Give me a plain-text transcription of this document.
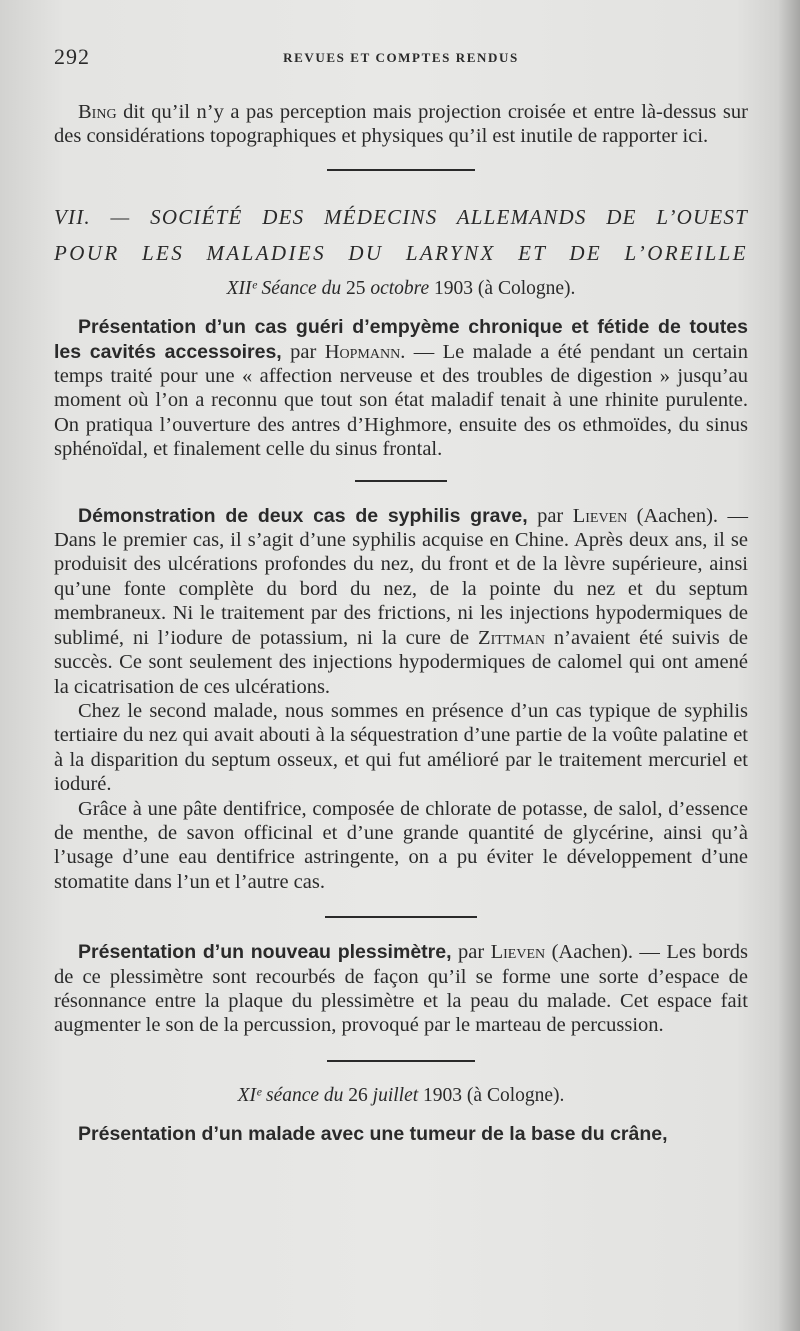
292	REVUES ET COMPTES RENDUS

Bing dit qu’il n’y a pas perception mais projection croisée et entre là-dessus sur des considérations topographiques et physiques qu’il est inutile de rapporter ici.

VII. — SOCIÉTÉ DES MÉDECINS ALLEMANDS DE L’OUEST
POUR LES MALADIES DU LARYNX ET DE L’OREILLE

XIIᵉ Séance du 25 octobre 1903 (à Cologne).

Présentation d’un cas guéri d’empyème chronique et fétide de toutes les cavités accessoires, par Hopmann. — Le malade a été pendant un certain temps traité pour une « affection nerveuse et des troubles de digestion » jusqu’au moment où l’on a reconnu que tout son état maladif tenait à une rhinite purulente. On pratiqua l’ouverture des antres d’Highmore, ensuite des os ethmoïdes, du sinus sphénoïdal, et finalement celle du sinus frontal.

Démonstration de deux cas de syphilis grave, par Lieven (Aachen). — Dans le premier cas, il s’agit d’une syphilis acquise en Chine. Après deux ans, il se produisit des ulcérations profondes du nez, du front et de la lèvre supérieure, ainsi qu’une fonte complète du bord du nez, de la pointe du nez et du septum membraneux. Ni le traitement par des frictions, ni les injections hypodermiques de sublimé, ni l’iodure de potassium, ni la cure de Zittman n’avaient été suivis de succès. Ce sont seulement des injections hypodermiques de calomel qui ont amené la cicatrisation de ces ulcérations.

Chez le second malade, nous sommes en présence d’un cas typique de syphilis tertiaire du nez qui avait abouti à la séquestration d’une partie de la voûte palatine et à la disparition du septum osseux, et qui fut amélioré par le traitement mercuriel et ioduré.

Grâce à une pâte dentifrice, composée de chlorate de potasse, de salol, d’essence de menthe, de savon officinal et d’une grande quantité de glycérine, ainsi qu’à l’usage d’une eau dentifrice astringente, on a pu éviter le développement d’une stomatite dans l’un et l’autre cas.

Présentation d’un nouveau plessimètre, par Lieven (Aachen). — Les bords de ce plessimètre sont recourbés de façon qu’il se forme une sorte d’espace de résonnance entre la plaque du plessimètre et la peau du malade. Cet espace fait augmenter le son de la percussion, provoqué par le marteau de percussion.

XIᵉ séance du 26 juillet 1903 (à Cologne).

Présentation d’un malade avec une tumeur de la base du crâne,
